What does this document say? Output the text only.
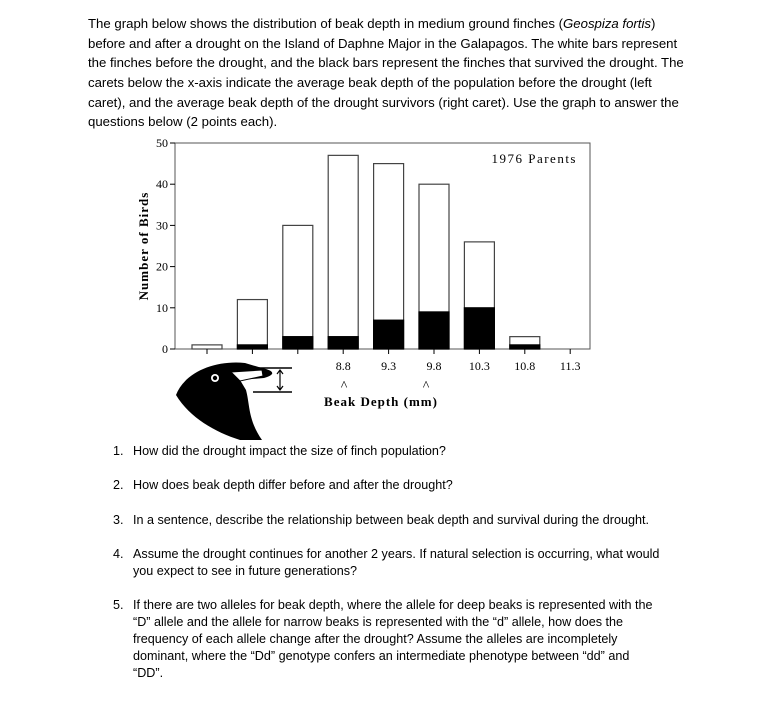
The graph below shows the distribution of beak depth in medium ground finches (Geospiza fortis)
before and after a drought on the Island of Daphne Major in the Galapagos. The white bars represent
the finches before the drought, and the black bars represent the finches that survived the drought. The
carets below the x-axis indicate the average beak depth of the population before the drought (left
caret), and the average beak depth of the drought survivors (right caret). Use the graph to answer the
questions below (2 points each).
0
10
20
30
40
50
8.8	9.3	9.8 10.3 10.8 11.3
1976 Parents
Number of Birds
Beak Depth (mm)
^	^
1. How did the drought impact the size of finch population?
2. How does beak depth differ before and after the drought?
3. In a sentence, describe the relationship between beak depth and survival during the drought.
4. Assume the drought continues for another 2 years. If natural selection is occurring, what would
you expect to see in future generations?
5. If there are two alleles for beak depth, where the allele for deep beaks is represented with the
“D” allele and the allele for narrow beaks is represented with the “d” allele, how does the
frequency of each allele change after the drought? Assume the alleles are incompletely
dominant, where the “Dd” genotype confers an intermediate phenotype between “dd” and
“DD”.
